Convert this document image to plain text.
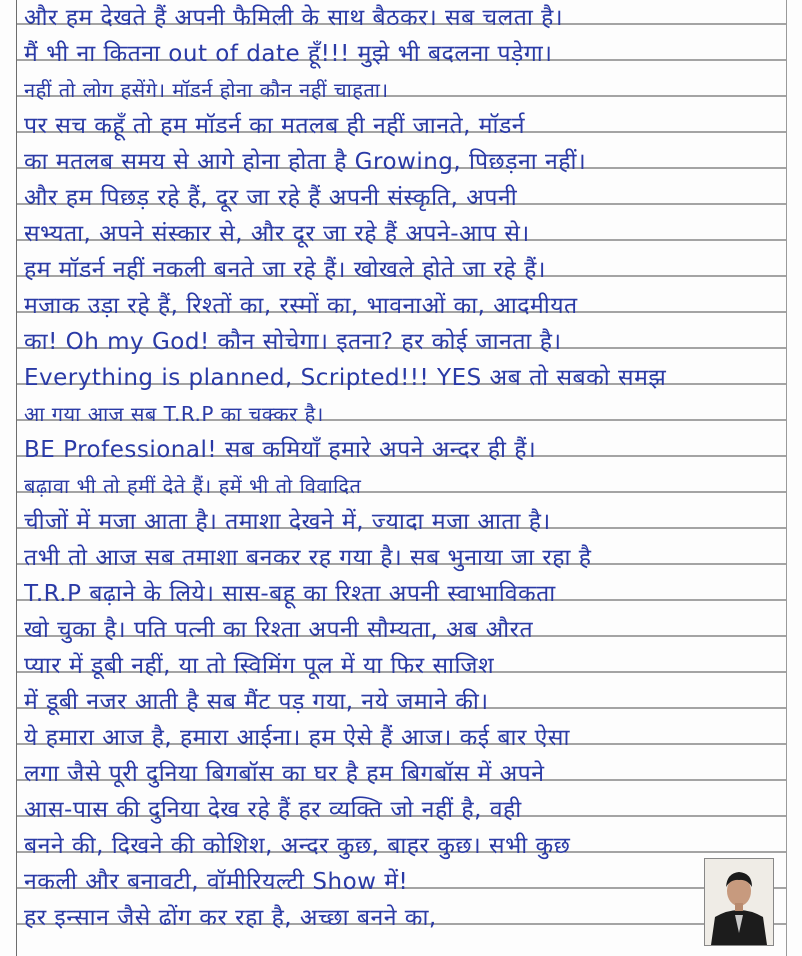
और हम देखते हैं अपनी फैमिली के साथ बैठकर। सब चलता है।
मैं भी ना कितना out of date हूँ!!! मुझे भी बदलना पड़ेगा।
नहीं तो लोग हसेंगे। मॉडर्न होना कौन नहीं चाहता।
पर सच कहूँ तो हम मॉडर्न का मतलब ही नहीं जानते, मॉडर्न
का मतलब समय से आगे होना होता है Growing, पिछड़ना नहीं।
और हम पिछड़ रहे हैं, दूर जा रहे हैं अपनी संस्कृति, अपनी
सभ्यता, अपने संस्कार से, और दूर जा रहे हैं अपने-आप से।
हम मॉडर्न नहीं नकली बनते जा रहे हैं। खोखले होते जा रहे हैं।
मजाक उड़ा रहे हैं, रिश्तों का, रस्मों का, भावनाओं का, आदमीयत
का! Oh my God! कौन सोचेगा। इतना? हर कोई जानता है।
Everything is planned, Scripted!!! YES अब तो सबको समझ
आ गया आज सब T.R.P का चक्कर है।
BE Professional! सब कमियाँ हमारे अपने अन्दर ही हैं।
बढ़ावा भी तो हमीं देते हैं। हमें भी तो विवादित
चीजों में मजा आता है। तमाशा देखने में, ज्यादा मजा आता है।
तभी तो आज सब तमाशा बनकर रह गया है। सब भुनाया जा रहा है
T.R.P बढ़ाने के लिये। सास-बहू का रिश्ता अपनी स्वाभाविकता
खो चुका है। पति पत्नी का रिश्ता अपनी सौम्यता, अब औरत
प्यार में डूबी नहीं, या तो स्विमिंग पूल में या फिर साजिश
में डूबी नजर आती है सब मैंट पड़ गया, नये जमाने की।
ये हमारा आज है, हमारा आईना। हम ऐसे हैं आज। कई बार ऐसा
लगा जैसे पूरी दुनिया बिगबॉस का घर है हम बिगबॉस में अपने
आस-पास की दुनिया देख रहे हैं हर व्यक्ति जो नहीं है, वही
बनने की, दिखने की कोशिश, अन्दर कुछ, बाहर कुछ। सभी कुछ
नकली और बनावटी, वॉमीरियल्टी Show में!
हर इन्सान जैसे ढोंग कर रहा है, अच्छा बनने का,
